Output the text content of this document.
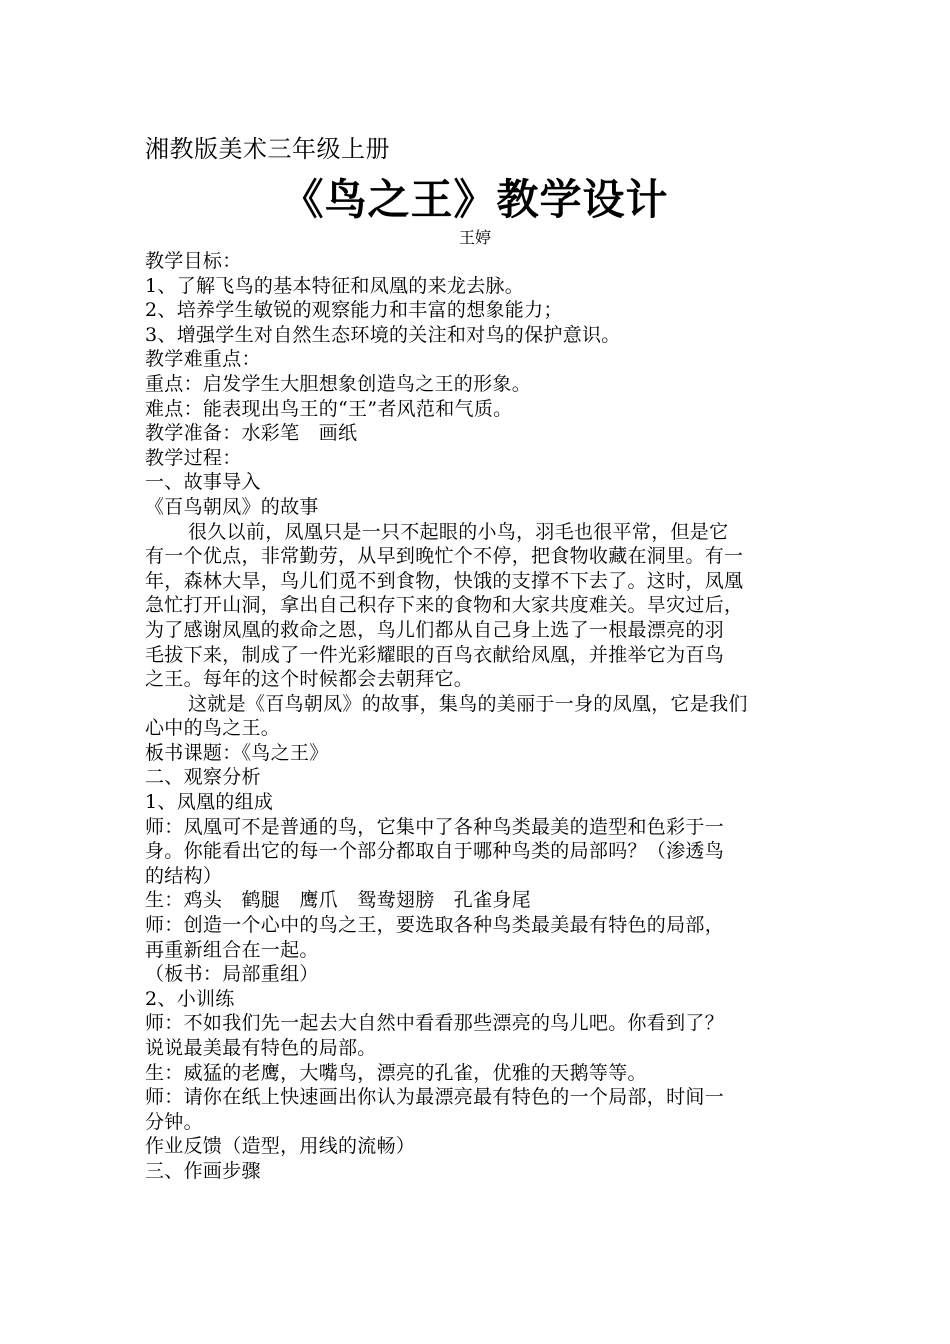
湘教版美术三年级上册
《鸟之王》教学设计
王婷
教学目标：
1、了解飞鸟的基本特征和凤凰的来龙去脉。
2、培养学生敏锐的观察能力和丰富的想象能力；
3、增强学生对自然生态环境的关注和对鸟的保护意识。
教学难重点：
重点：启发学生大胆想象创造鸟之王的形象。
难点：能表现出鸟王的“王”者风范和气质。
教学准备：水彩笔　画纸
教学过程：
一、故事导入
《百鸟朝凤》的故事
很久以前，凤凰只是一只不起眼的小鸟，羽毛也很平常，但是它
有一个优点，非常勤劳，从早到晚忙个不停，把食物收藏在洞里。有一
年，森林大旱，鸟儿们觅不到食物，快饿的支撑不下去了。这时，凤凰
急忙打开山洞，拿出自己积存下来的食物和大家共度难关。旱灾过后，
为了感谢凤凰的救命之恩，鸟儿们都从自己身上选了一根最漂亮的羽
毛拔下来，制成了一件光彩耀眼的百鸟衣献给凤凰，并推举它为百鸟
之王。每年的这个时候都会去朝拜它。
这就是《百鸟朝凤》的故事，集鸟的美丽于一身的凤凰，它是我们
心中的鸟之王。
板书课题：《鸟之王》
二、观察分析
1、凤凰的组成
师：凤凰可不是普通的鸟，它集中了各种鸟类最美的造型和色彩于一
身。你能看出它的每一个部分都取自于哪种鸟类的局部吗？（渗透鸟
的结构）
生：鸡头　鹤腿　鹰爪　鸳鸯翅膀　孔雀身尾
师：创造一个心中的鸟之王，要选取各种鸟类最美最有特色的局部，
再重新组合在一起。
（板书：局部重组）
2、小训练
师：不如我们先一起去大自然中看看那些漂亮的鸟儿吧。你看到了？
说说最美最有特色的局部。
生：威猛的老鹰，大嘴鸟，漂亮的孔雀，优雅的天鹅等等。
师：请你在纸上快速画出你认为最漂亮最有特色的一个局部，时间一
分钟。
作业反馈（造型，用线的流畅）
三、作画步骤
